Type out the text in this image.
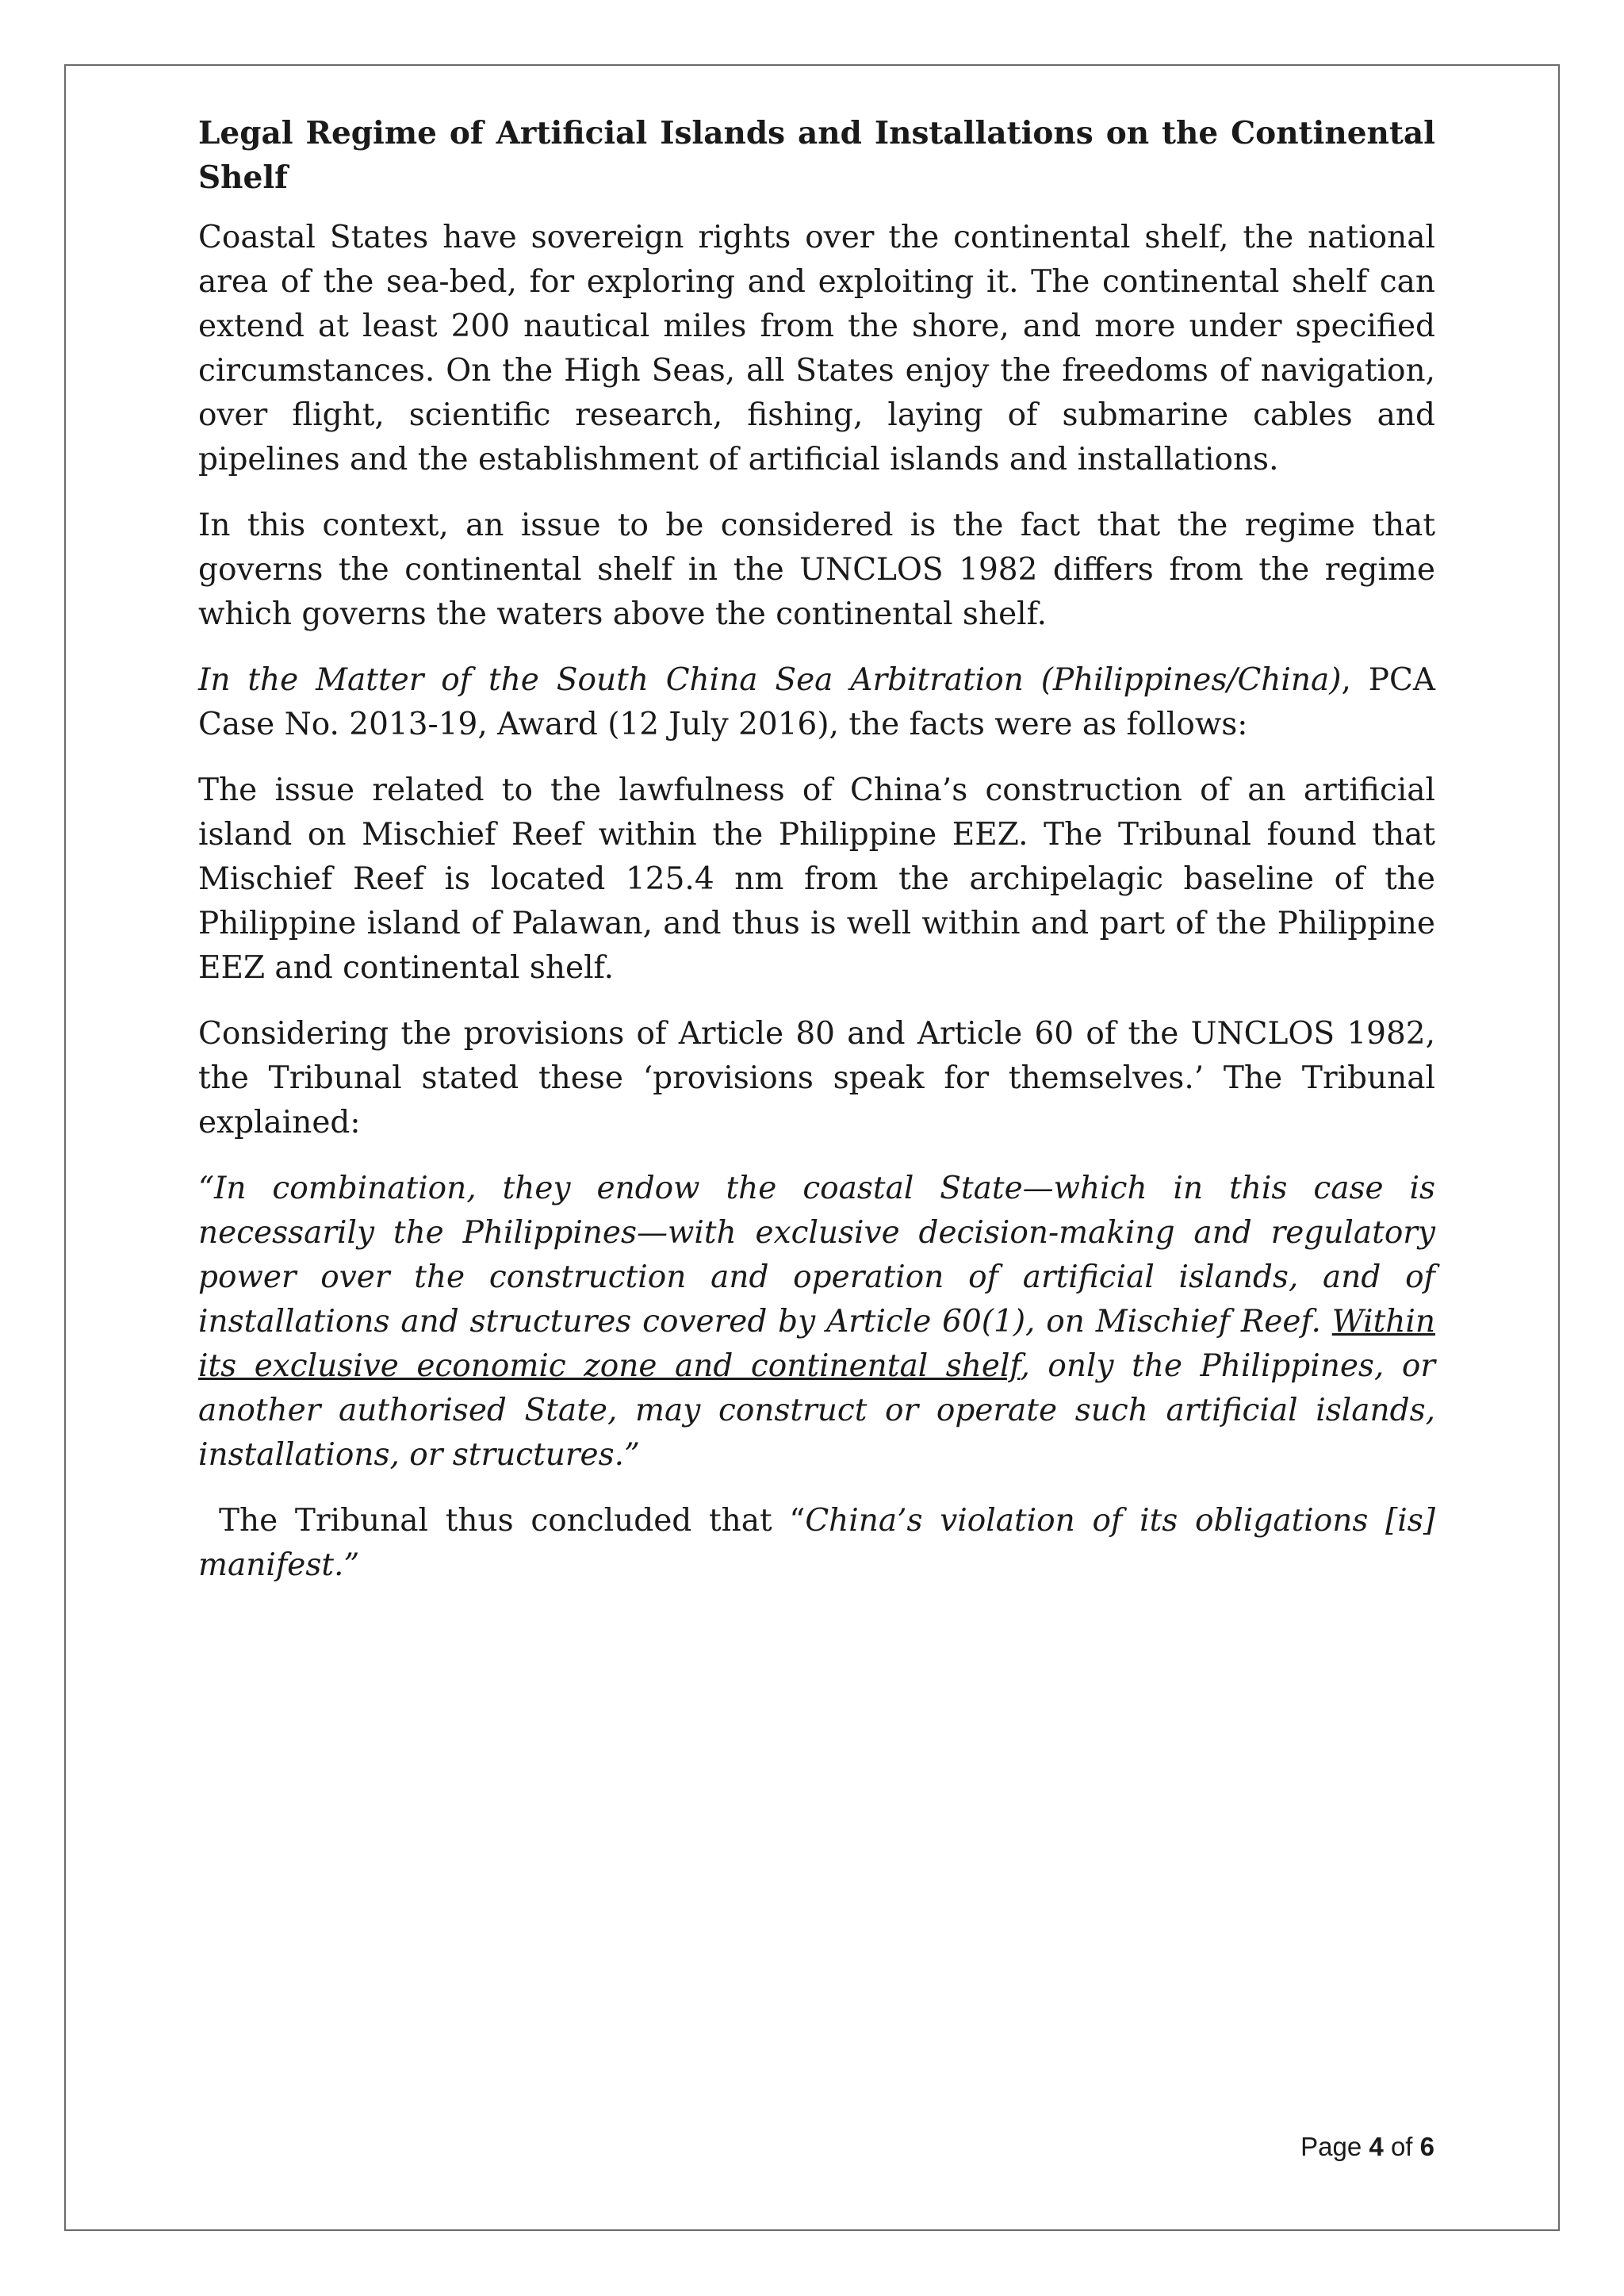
Legal Regime of Artificial Islands and Installations on the Continental Shelf

Coastal States have sovereign rights over the continental shelf, the national area of the sea-bed, for exploring and exploiting it. The continental shelf can extend at least 200 nautical miles from the shore, and more under specified circumstances. On the High Seas, all States enjoy the freedoms of navigation, over flight, scientific research, fishing, laying of submarine cables and pipelines and the establishment of artificial islands and installations.

In this context, an issue to be considered is the fact that the regime that governs the continental shelf in the UNCLOS 1982 differs from the regime which governs the waters above the continental shelf.

In the Matter of the South China Sea Arbitration (Philippines/China), PCA Case No. 2013-19, Award (12 July 2016), the facts were as follows:

The issue related to the lawfulness of China’s construction of an artificial island on Mischief Reef within the Philippine EEZ. The Tribunal found that Mischief Reef is located 125.4 nm from the archipelagic baseline of the Philippine island of Palawan, and thus is well within and part of the Philippine EEZ and continental shelf.

Considering the provisions of Article 80 and Article 60 of the UNCLOS 1982, the Tribunal stated these ‘provisions speak for themselves.’ The Tribunal explained:

“In combination, they endow the coastal State—which in this case is necessarily the Philippines—with exclusive decision-making and regulatory power over the construction and operation of artificial islands, and of installations and structures covered by Article 60(1), on Mischief Reef. Within its exclusive economic zone and continental shelf, only the Philippines, or another authorised State, may construct or operate such artificial islands, installations, or structures.”

The Tribunal thus concluded that “China’s violation of its obligations [is] manifest.”

Page 4 of 6
